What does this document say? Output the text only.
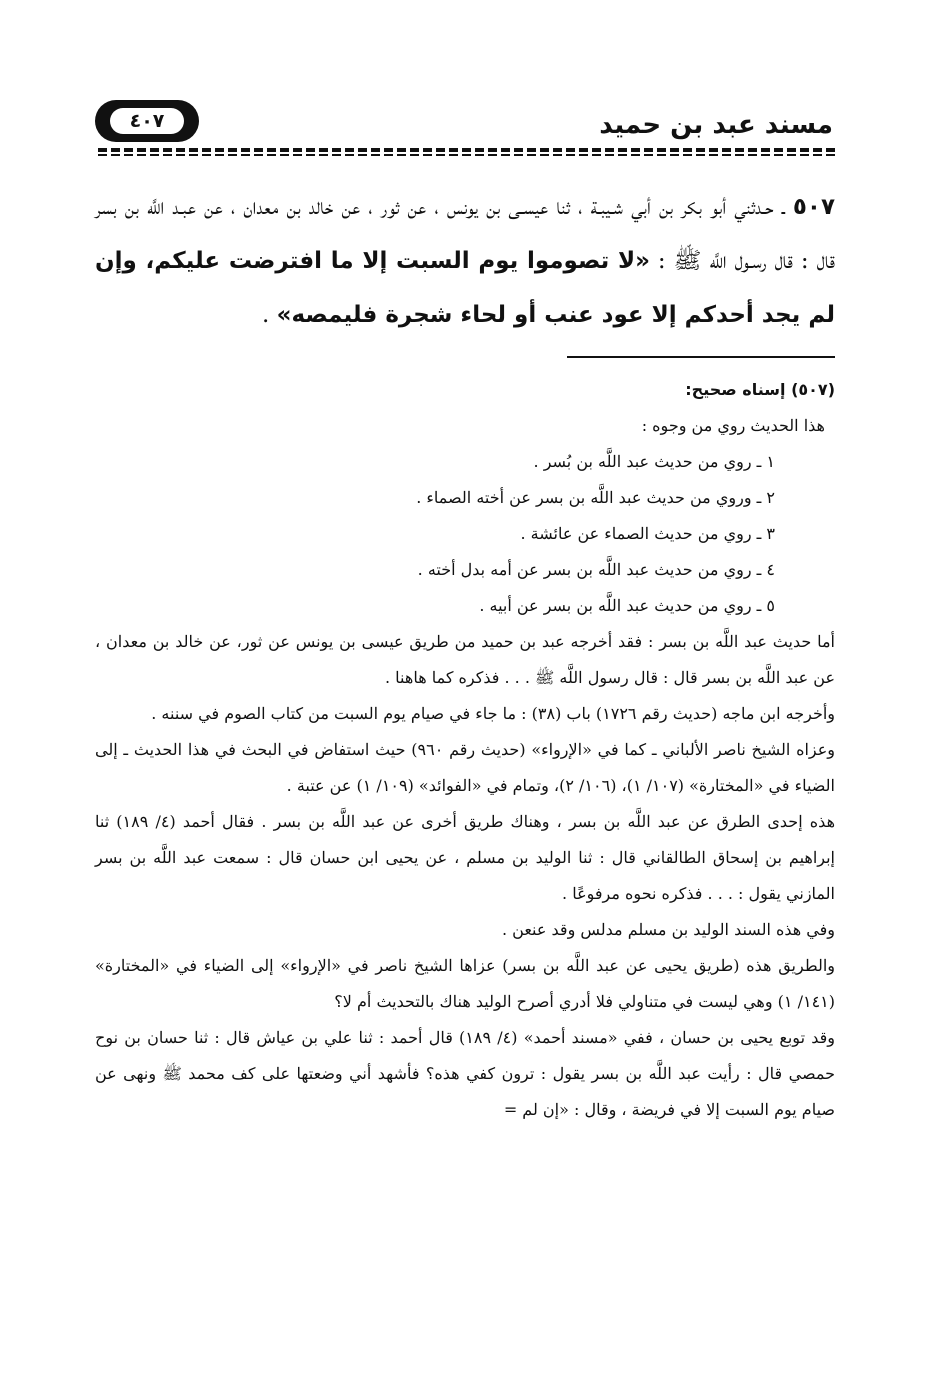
مسند عبد بن حميد
٤٠٧
٥٠٧ ـ حـدثني أبو بكر بن أبي شـيبـة ، ثنا عيسـى بن يونس ، عن ثور ، عن خالد بن معدان ، عن عبـد اللَّه بن بسر قال : قال رسـول اللَّه ﷺ : «لا تصوموا يوم السبت إلا ما افترضت عليكم، وإن لم يجد أحدكم إلا عود عنب أو لحاء شجرة فليمصه» .

(٥٠٧) إسناه صحيح:

هذا الحديث روي من وجوه :

١ ـ روي من حديث عبد اللَّه بن بُسر .

٢ ـ وروي من حديث عبد اللَّه بن بسر عن أخته الصماء .

٣ ـ روي من حديث الصماء عن عائشة .

٤ ـ روي من حديث عبد اللَّه بن بسر عن أمه بدل أخته .

٥ ـ روي من حديث عبد اللَّه بن بسر عن أبيه .

أما حديث عبد اللَّه بن بسر : فقد أخرجه عبد بن حميد من طريق عيسى بن يونس عن ثور، عن خالد بن معدان ، عن عبد اللَّه بن بسر قال : قال رسول اللَّه ﷺ . . . فذكره كما هاهنا .

وأخرجه ابن ماجه (حديث رقم ١٧٢٦) باب (٣٨) : ما جاء في صيام يوم السبت من كتاب الصوم في سننه .

وعزاه الشيخ ناصر الألباني ـ كما في «الإرواء» (حديث رقم ٩٦٠) حيث استفاض في البحث في هذا الحديث ـ إلى الضياء في «المختارة» (١٠٧/ ١)، (١٠٦/ ٢)، وتمام في «الفوائد» (١٠٩/ ١) عن عتبة .

هذه إحدى الطرق عن عبد اللَّه بن بسر ، وهناك طريق أخرى عن عبد اللَّه بن بسر . فقال أحمد (٤/ ١٨٩) ثنا إبراهيم بن إسحاق الطالقاني قال : ثنا الوليد بن مسلم ، عن يحيى ابن حسان قال : سمعت عبد اللَّه بن بسر المازني يقول : . . . فذكره نحوه مرفوعًا .

وفي هذه السند الوليد بن مسلم مدلس وقد عنعن .

والطريق هذه (طريق يحيى عن عبد اللَّه بن بسر) عزاها الشيخ ناصر في «الإرواء» إلى الضياء في «المختارة» (١٤١/ ١) وهي ليست في متناولي فلا أدري أصرح الوليد هناك بالتحديث أم لا؟

وقد توبع يحيى بن حسان ، ففي «مسند أحمد» (٤/ ١٨٩) قال أحمد : ثنا علي بن عياش قال : ثنا حسان بن نوح حمصي قال : رأيت عبد اللَّه بن بسر يقول : ترون كفي هذه؟ فأشهد أني وضعتها على كف محمد ﷺ ونهى عن صيام يوم السبت إلا في فريضة ، وقال : «إن لم =
